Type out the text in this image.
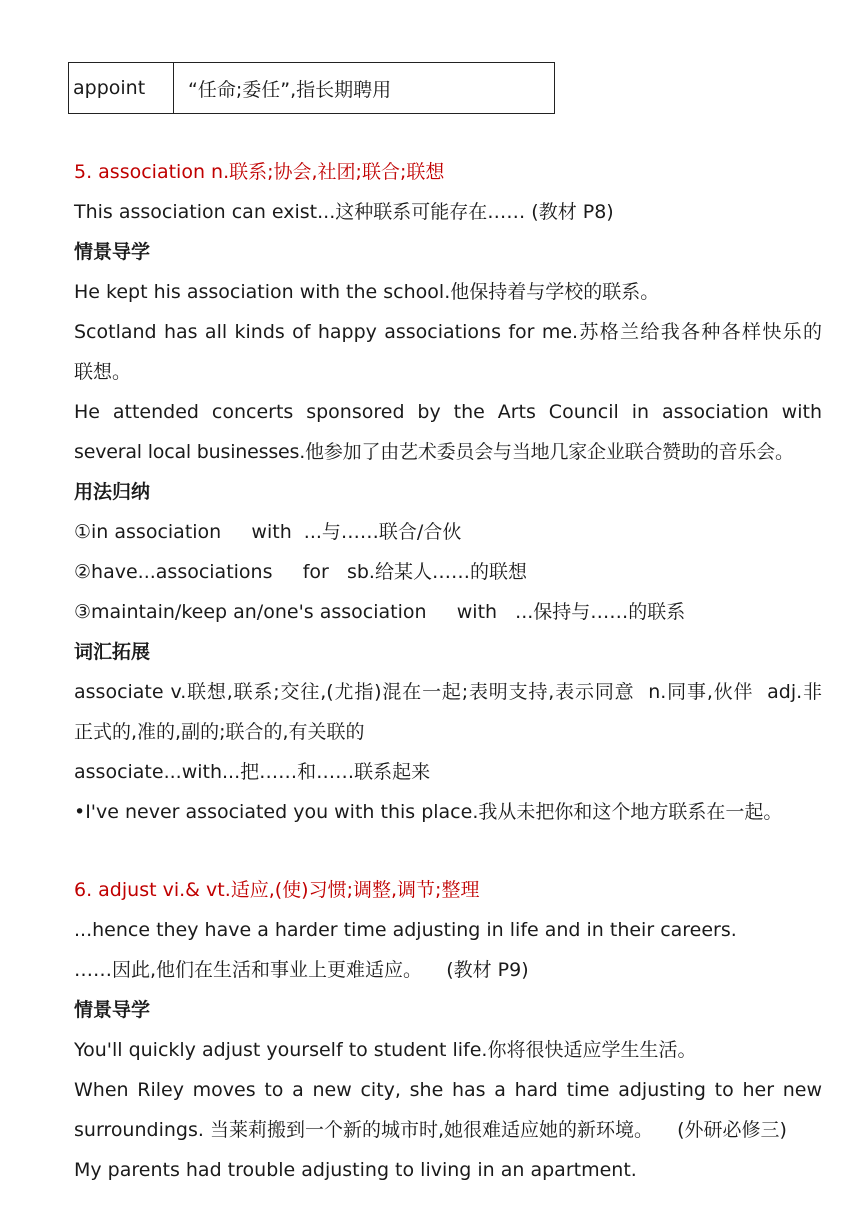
appoint	“任命;委任”,指长期聘用
5. association n.联系;协会,社团;联合;联想
This association can exist...这种联系可能存在…… (教材 P8)
情景导学
He kept his association with the school.他保持着与学校的联系。
Scotland has all kinds of happy associations for me.苏格兰给我各种各样快乐的
联想。
He attended concerts sponsored by the Arts Council in association with
several local businesses.他参加了由艺术委员会与当地几家企业联合赞助的音乐会。
用法归纳
①in association     with  ...与……联合/合伙
②have...associations     for   sb.给某人……的联想
③maintain/keep an/one's association     with   ...保持与……的联系
词汇拓展
associate v.联想,联系;交往,(尤指)混在一起;表明支持,表示同意  n.同事,伙伴  adj.非
正式的,准的,副的;联合的,有关联的
associate...with...把……和……联系起来
•I've never associated you with this place.我从未把你和这个地方联系在一起。
6. adjust vi.& vt.适应,(使)习惯;调整,调节;整理
...hence they have a harder time adjusting in life and in their careers.
……因此,他们在生活和事业上更难适应。    (教材 P9)
情景导学
You'll quickly adjust yourself to student life.你将很快适应学生生活。
When Riley moves to a new city, she has a hard time adjusting to her new
surroundings. 当莱莉搬到一个新的城市时,她很难适应她的新环境。    (外研必修三)
My parents had trouble adjusting to living in an apartment.
